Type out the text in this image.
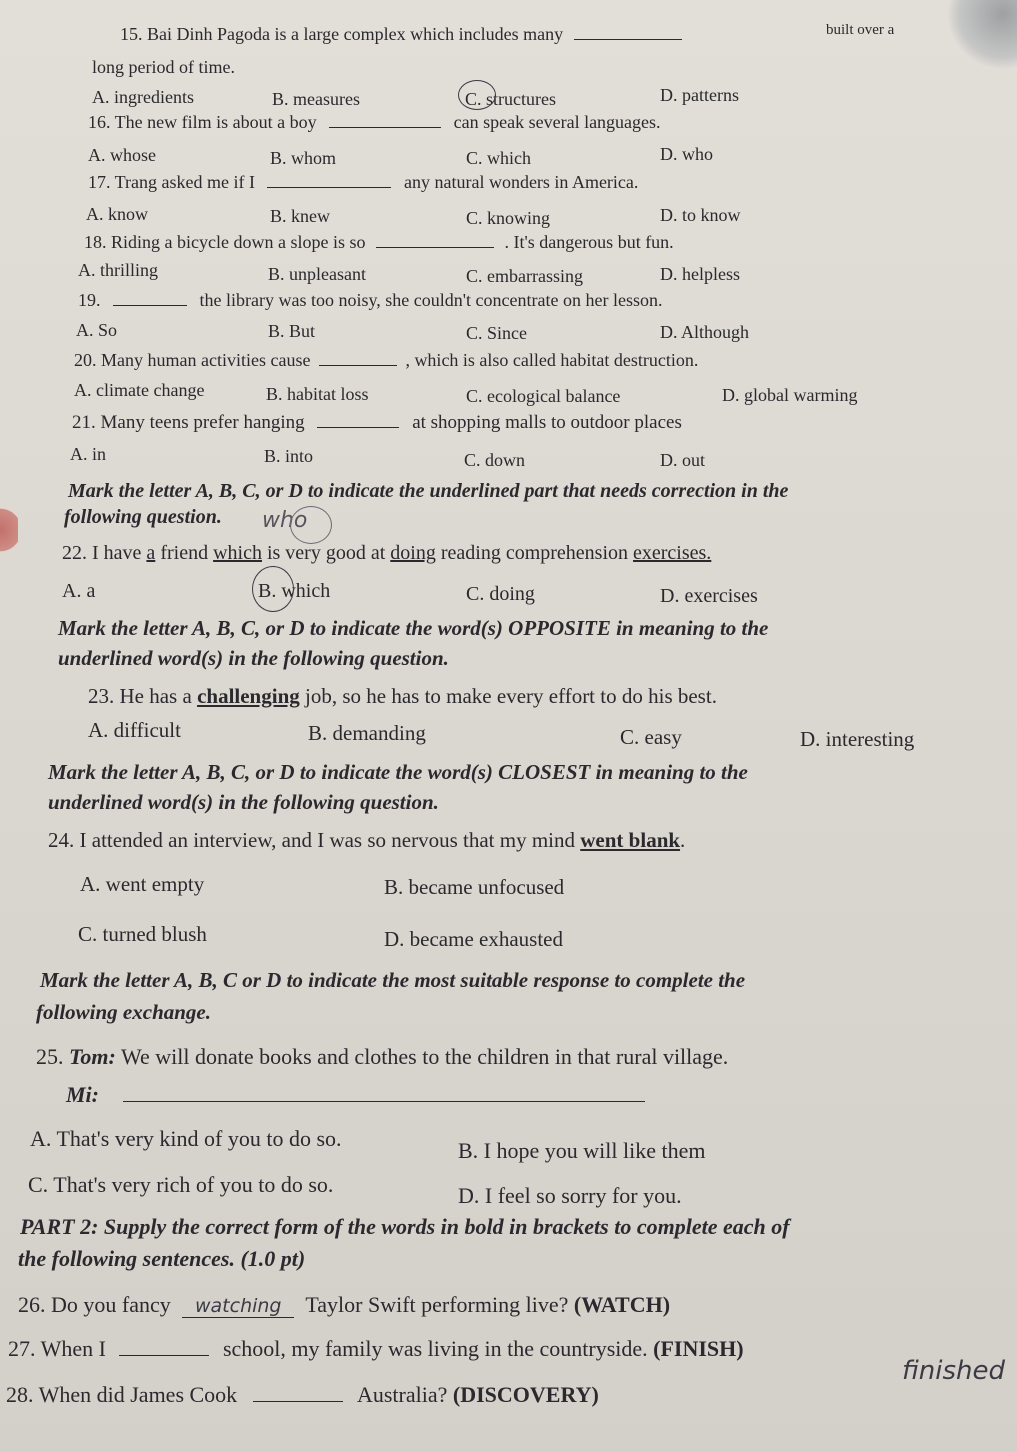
15. Bai Dinh Pagoda is a large complex which includes many	built over a
long period of time.
A. ingredients	B. measures	C. structures	D. patterns
16. The new film is about a boy	can speak several languages.
A. whose	B. whom	C. which	D. who
17. Trang asked me if I	any natural wonders in America.
A. know	B. knew	C. knowing	D. to know
18. Riding a bicycle down a slope is so	. It's dangerous but fun.
A. thrilling	B. unpleasant	C. embarrassing	D. helpless
19.	the library was too noisy, she couldn't concentrate on her lesson.
A. So	B. But	C. Since	D. Although
20. Many human activities cause	, which is also called habitat destruction.
A. climate change	B. habitat loss	C. ecological balance	D. global warming
21. Many teens prefer hanging	at shopping malls to outdoor places
A. in	B. into	C. down	D. out
Mark the letter A, B, C, or D to indicate the underlined part that needs correction in the
following question. who
22. I have a friend which is very good at doing reading comprehension exercises.
A. a	B. which	C. doing	D. exercises
Mark the letter A, B, C, or D to indicate the word(s) OPPOSITE in meaning to the
underlined word(s) in the following question.
23. He has a challenging job, so he has to make every effort to do his best.
A. difficult	B. demanding	C. easy	D. interesting
Mark the letter A, B, C, or D to indicate the word(s) CLOSEST in meaning to the
underlined word(s) in the following question.
24. I attended an interview, and I was so nervous that my mind went blank.
A. went empty	B. became unfocused
C. turned blush	D. became exhausted
Mark the letter A, B, C or D to indicate the most suitable response to complete the
following exchange.
25. Tom: We will donate books and clothes to the children in that rural village.
Mi:
A. That's very kind of you to do so.	B. I hope you will like them
C. That's very rich of you to do so.	D. I feel so sorry for you.
PART 2: Supply the correct form of the words in bold in brackets to complete each of
the following sentences. (1.0 pt)
26. Do you fancy watching Taylor Swift performing live? (WATCH)
27. When I	school, my family was living in the countryside. (FINISH)
finished
28. When did James Cook	Australia? (DISCOVERY)
